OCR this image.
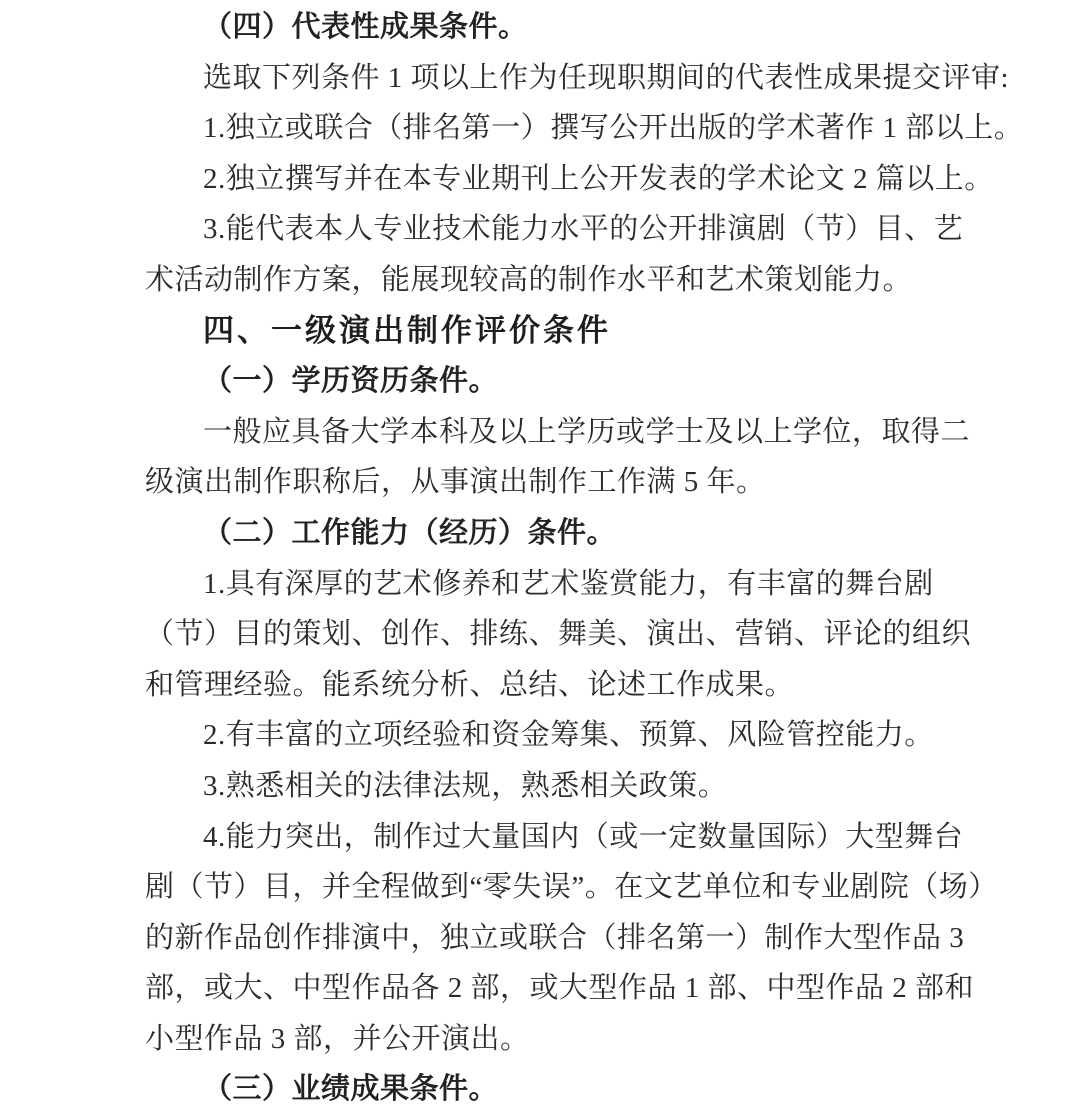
（四）代表性成果条件。
选取下列条件 1 项以上作为任现职期间的代表性成果提交评审:
1.独立或联合（排名第一）撰写公开出版的学术著作 1 部以上。
2.独立撰写并在本专业期刊上公开发表的学术论文 2 篇以上。
3.能代表本人专业技术能力水平的公开排演剧（节）目、艺
术活动制作方案，能展现较高的制作水平和艺术策划能力。
四、一级演出制作评价条件
（一）学历资历条件。
一般应具备大学本科及以上学历或学士及以上学位，取得二
级演出制作职称后，从事演出制作工作满 5 年。
（二）工作能力（经历）条件。
1.具有深厚的艺术修养和艺术鉴赏能力，有丰富的舞台剧
（节）目的策划、创作、排练、舞美、演出、营销、评论的组织
和管理经验。能系统分析、总结、论述工作成果。
2.有丰富的立项经验和资金筹集、预算、风险管控能力。
3.熟悉相关的法律法规，熟悉相关政策。
4.能力突出，制作过大量国内（或一定数量国际）大型舞台
剧（节）目，并全程做到“零失误”。在文艺单位和专业剧院（场）
的新作品创作排演中，独立或联合（排名第一）制作大型作品 3
部，或大、中型作品各 2 部，或大型作品 1 部、中型作品 2 部和
小型作品 3 部，并公开演出。
（三）业绩成果条件。
